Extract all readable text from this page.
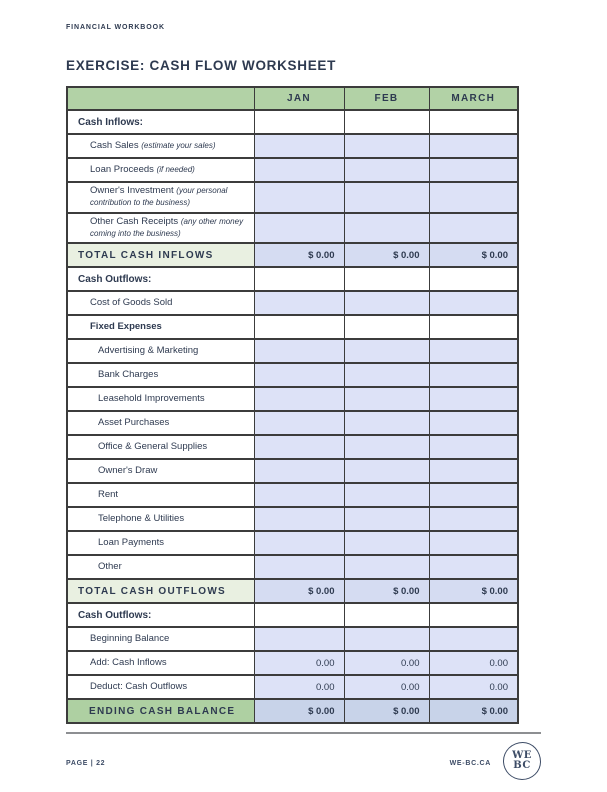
FINANCIAL WORKBOOK
EXERCISE: CASH FLOW WORKSHEET
	JAN	FEB	MARCH
Cash Inflows:			
Cash Sales (estimate your sales)			
Loan Proceeds (if needed)			
Owner's Investment (your personal contribution to the business)			
Other Cash Receipts (any other money coming into the business)			
TOTAL CASH INFLOWS	$ 0.00	$ 0.00	$ 0.00
Cash Outflows:			
Cost of Goods Sold			
Fixed Expenses			
Advertising & Marketing			
Bank Charges			
Leasehold Improvements			
Asset Purchases			
Office & General Supplies			
Owner's Draw			
Rent			
Telephone & Utilities			
Loan Payments			
Other			
TOTAL CASH OUTFLOWS	$ 0.00	$ 0.00	$ 0.00
Cash Outflows:			
Beginning Balance			
Add: Cash Inflows	0.00	0.00	0.00
Deduct: Cash Outflows	0.00	0.00	0.00
ENDING CASH BALANCE	$ 0.00	$ 0.00	$ 0.00
PAGE | 22	WE-BC.CA
WE
BC
